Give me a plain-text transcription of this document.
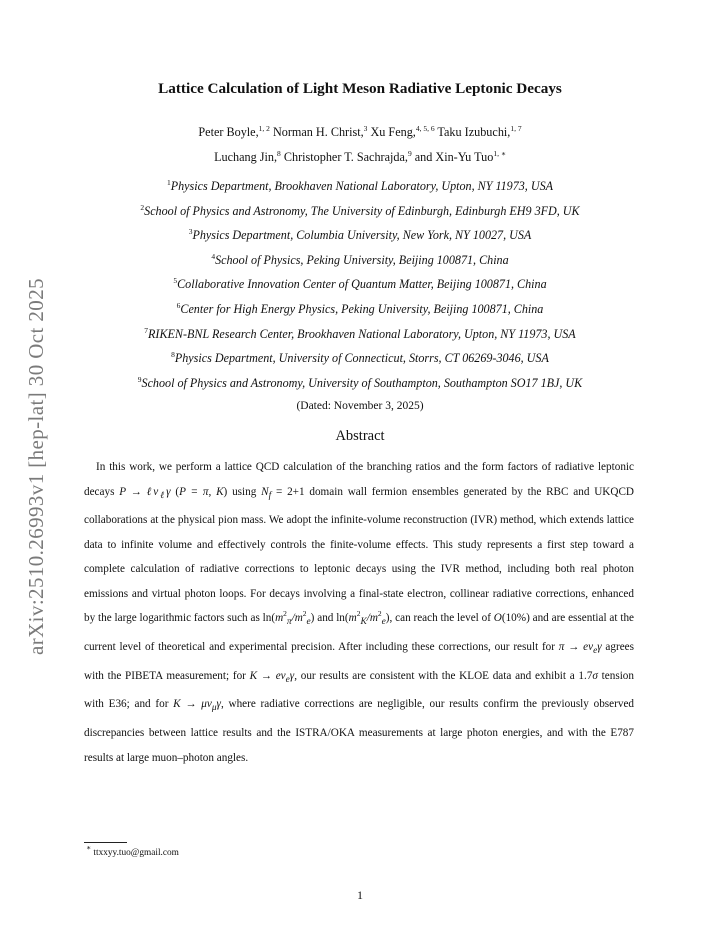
arXiv:2510.26993v1 [hep-lat] 30 Oct 2025
Lattice Calculation of Light Meson Radiative Leptonic Decays
Peter Boyle,$^{1, 2}$ Norman H. Christ,$^3$ Xu Feng,$^{4, 5, 6}$ Taku Izubuchi,$^{1, 7}$
Luchang Jin,$^8$ Christopher T. Sachrajda,$^9$ and Xin-Yu Tuo$^{1, ∗}$
$^1$Physics Department, Brookhaven National Laboratory, Upton, NY 11973, USA
$^2$School of Physics and Astronomy, The University of Edinburgh, Edinburgh EH9 3FD, UK
$^3$Physics Department, Columbia University, New York, NY 10027, USA
$^4$School of Physics, Peking University, Beijing 100871, China
$^5$Collaborative Innovation Center of Quantum Matter, Beijing 100871, China
$^6$Center for High Energy Physics, Peking University, Beijing 100871, China
$^7$RIKEN-BNL Research Center, Brookhaven National Laboratory, Upton, NY 11973, USA
$^8$Physics Department, University of Connecticut, Storrs, CT 06269-3046, USA
$^9$School of Physics and Astronomy, University of Southampton, Southampton SO17 1BJ, UK
(Dated: November 3, 2025)
Abstract

In this work, we perform a lattice QCD calculation of the branching ratios and the form factors of radiative leptonic decays P → ℓν$_\ell$γ (P = π, K) using $N_f = 2+1$ domain wall fermion ensembles generated by the RBC and UKQCD collaborations at the physical pion mass. We adopt the infinite-volume reconstruction (IVR) method, which extends lattice data to infinite volume and effectively controls the finite-volume effects. This study represents a first step toward a complete calculation of radiative corrections to leptonic decays using the IVR method, including both real photon emissions and virtual photon loops. For decays involving a final-state electron, collinear radiative corrections, enhanced by the large logarithmic factors such as $\ln(m^2_\pi/m^2_e)$ and $\ln(m^2_K/m^2_e)$, can reach the level of O(10%) and are essential at the current level of theoretical and experimental precision. After including these corrections, our result for $\pi \to e\nu_e\gamma$ agrees with the PIBETA measurement; for $K \to e\nu_e\gamma$, our results are consistent with the KLOE data and exhibit a 1.7σ tension with E36; and for $K \to \mu\nu_\mu\gamma$, where radiative corrections are negligible, our results confirm the previously observed discrepancies between lattice results and the ISTRA/OKA measurements at large photon energies, and with the E787 results at large muon–photon angles.

∗ ttxxyy.tuo@gmail.com
1
